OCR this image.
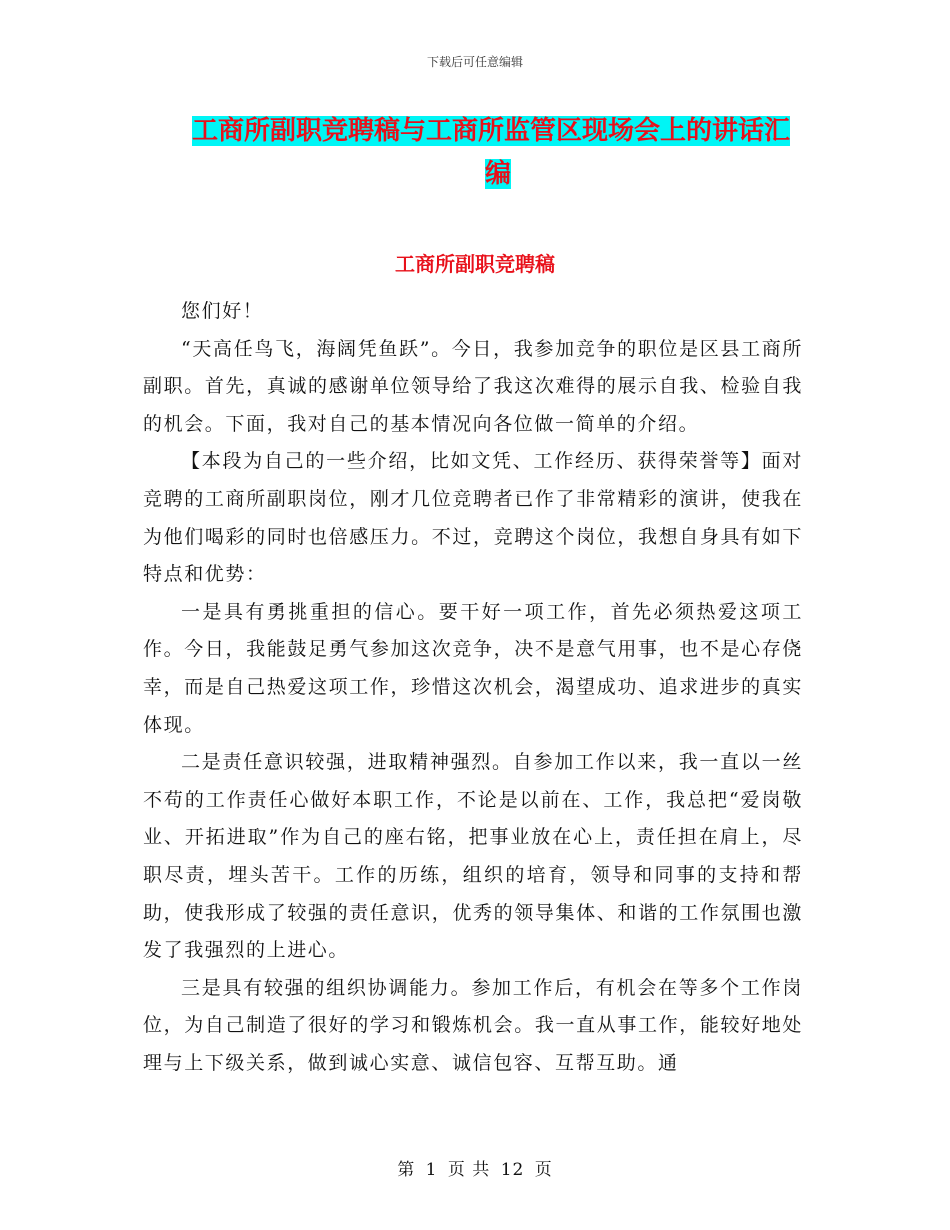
下载后可任意编辑
工商所副职竞聘稿与工商所监管区现场会上的讲话汇
编
工商所副职竞聘稿

您们好！

“天高任鸟飞，海阔凭鱼跃”。今日，我参加竞争的职位是区县工商所副职。首先，真诚的感谢单位领导给了我这次难得的展示自我、检验自我的机会。下面，我对自己的基本情况向各位做一简单的介绍。

【本段为自己的一些介绍，比如文凭、工作经历、获得荣誉等】面对竞聘的工商所副职岗位，刚才几位竞聘者已作了非常精彩的演讲，使我在为他们喝彩的同时也倍感压力。不过，竞聘这个岗位，我想自身具有如下特点和优势：

一是具有勇挑重担的信心。要干好一项工作，首先必须热爱这项工作。今日，我能鼓足勇气参加这次竞争，决不是意气用事，也不是心存侥幸，而是自己热爱这项工作，珍惜这次机会，渴望成功、追求进步的真实体现。

二是责任意识较强，进取精神强烈。自参加工作以来，我一直以一丝不苟的工作责任心做好本职工作，不论是以前在、工作，我总把“爱岗敬业、开拓进取”作为自己的座右铭，把事业放在心上，责任担在肩上，尽职尽责，埋头苦干。工作的历练，组织的培育，领导和同事的支持和帮助，使我形成了较强的责任意识，优秀的领导集体、和谐的工作氛围也激发了我强烈的上进心。

三是具有较强的组织协调能力。参加工作后，有机会在等多个工作岗位，为自己制造了很好的学习和锻炼机会。我一直从事工作，能较好地处理与上下级关系，做到诚心实意、诚信包容、互帮互助。通

第 1 页 共 12 页
